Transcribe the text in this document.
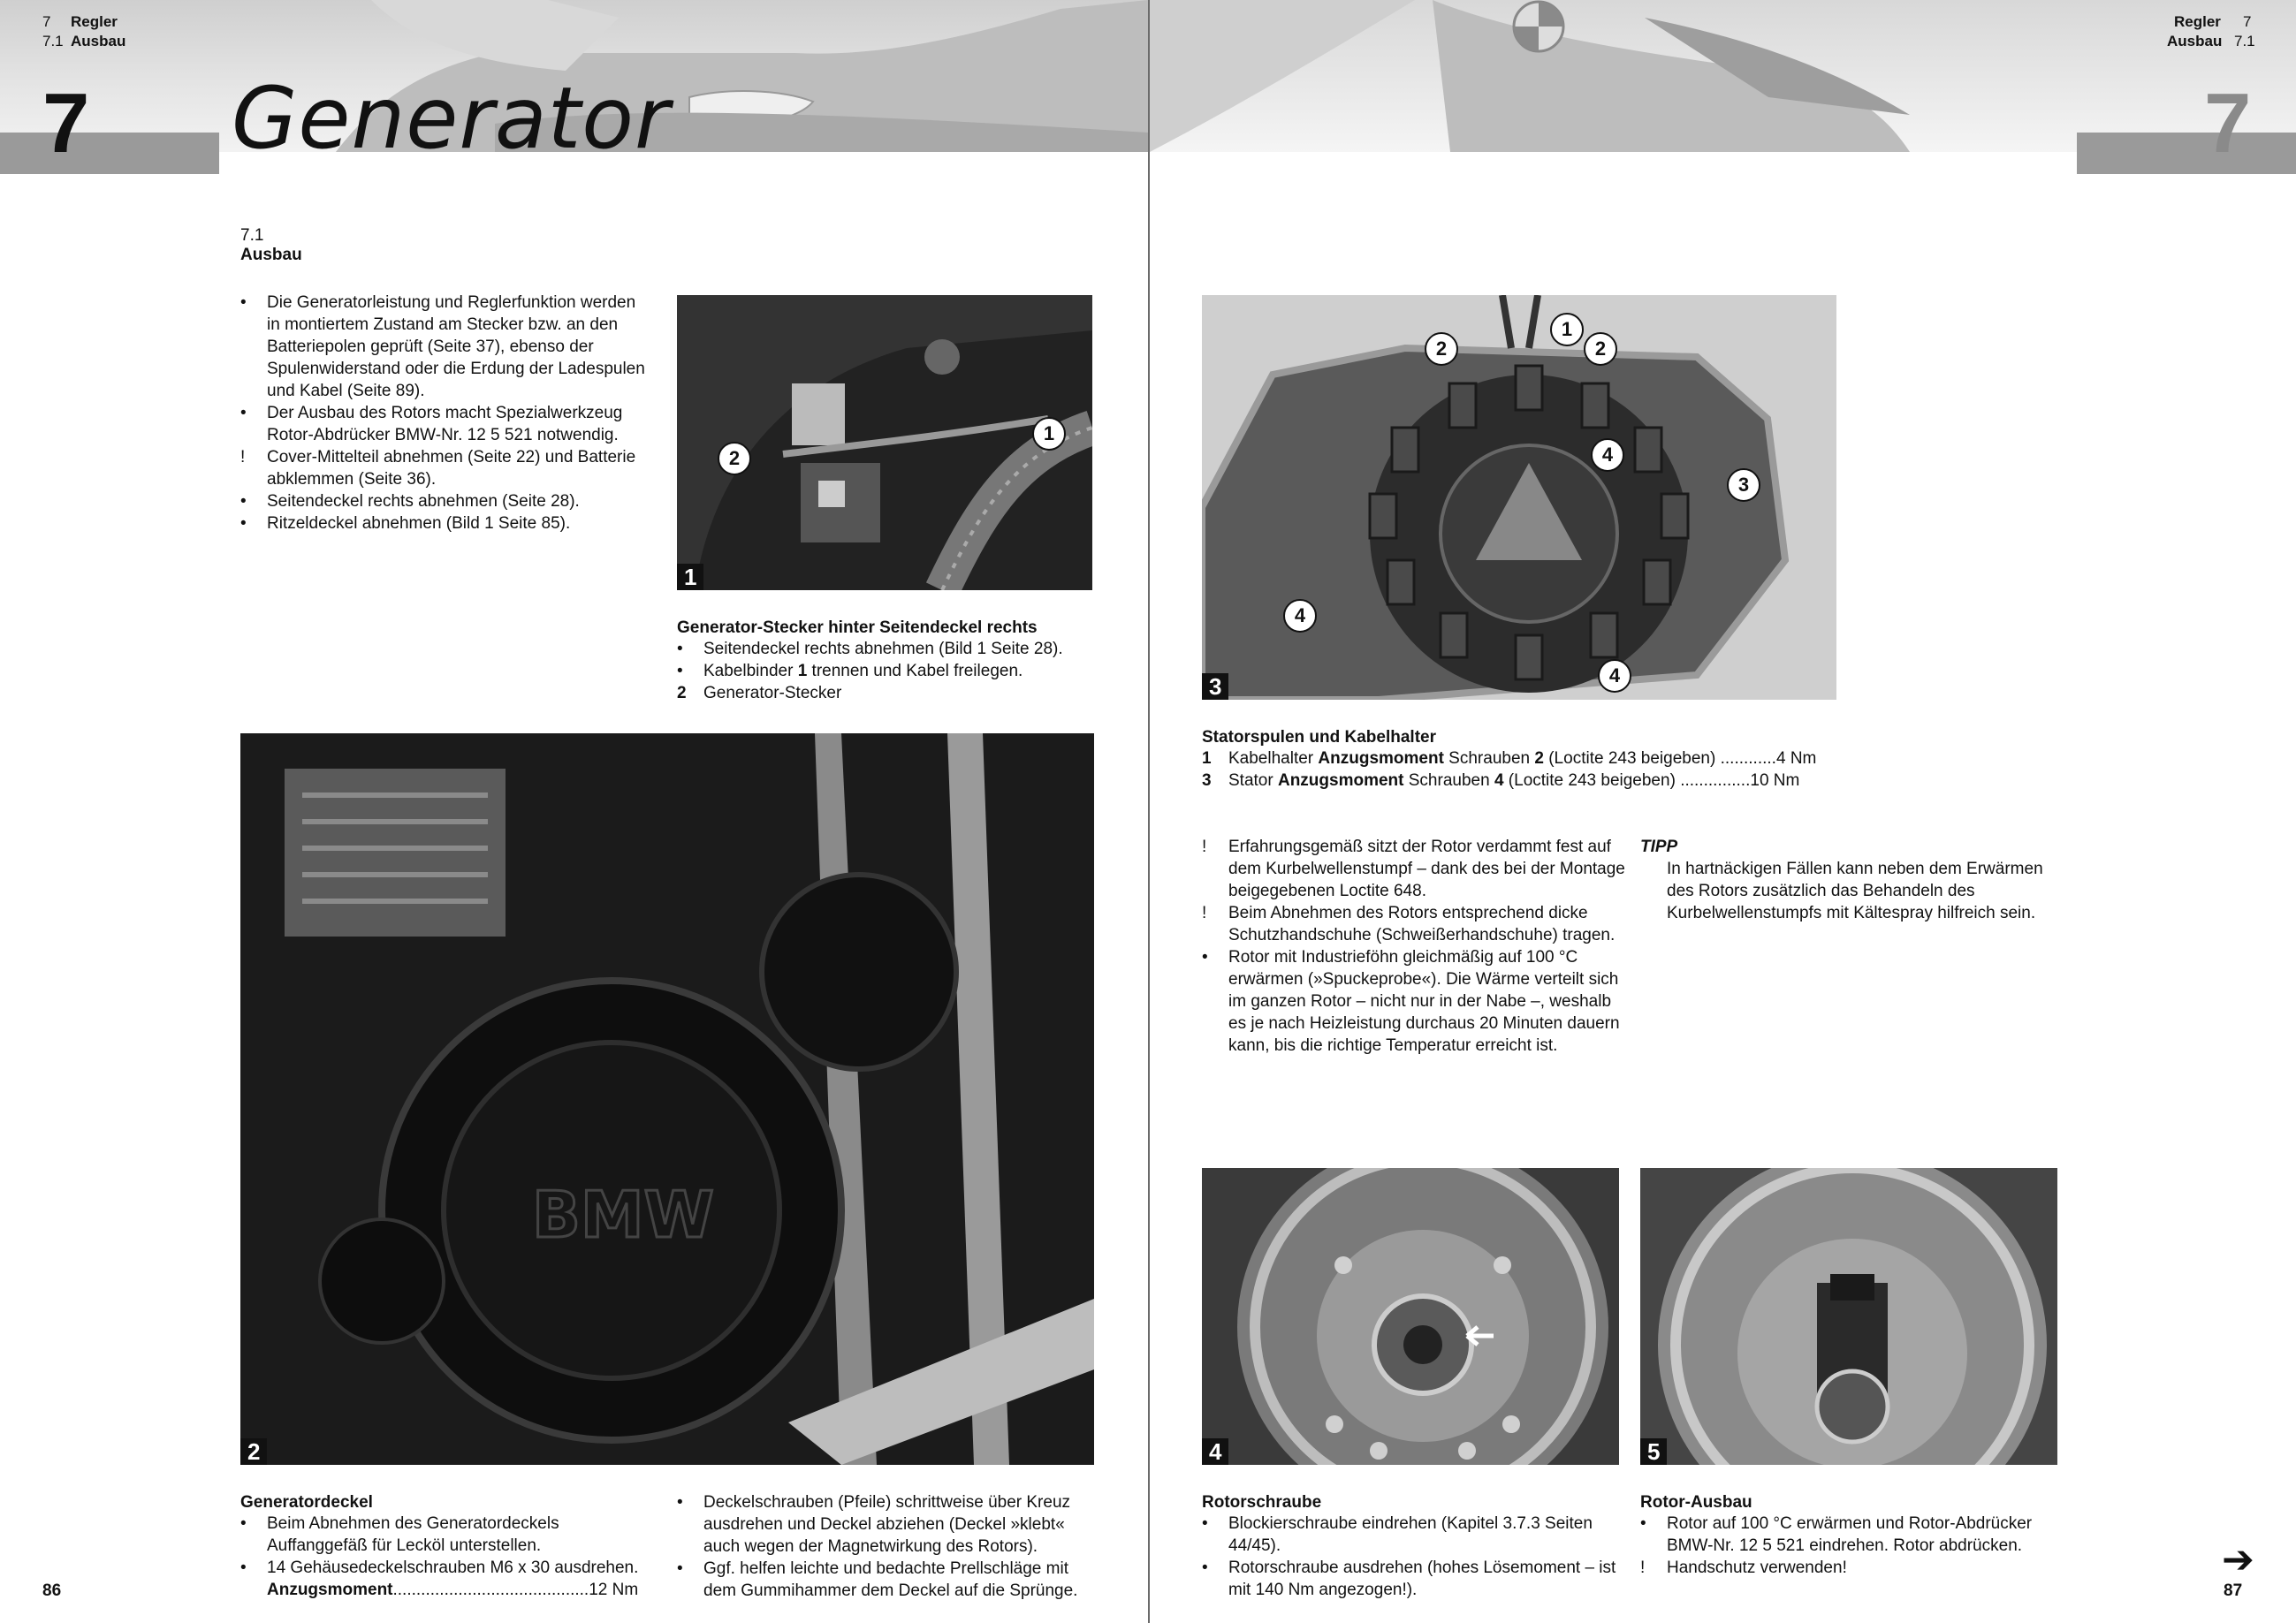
7 Regler
7.1 Ausbau
7 Generator
7.1
Ausbau
•	Die Generatorleistung und Reglerfunktion werden in montiertem Zustand am Stecker bzw. an den Batteriepolen geprüft (Seite 37), ebenso der Spulenwiderstand oder die Erdung der Ladespulen und Kabel (Seite 89).
•	Der Ausbau des Rotors macht Spezialwerkzeug Rotor-Abdrücker BMW-Nr. 12 5 521 notwendig.
!	Cover-Mittelteil abnehmen (Seite 22) und Batterie abklemmen (Seite 36).
•	Seitendeckel rechts abnehmen (Seite 28).
•	Ritzeldeckel abnehmen (Bild 1 Seite 85).
2
1
1
Generator-Stecker hinter Seitendeckel rechts
•	Seitendeckel rechts abnehmen (Bild 1 Seite 28).
•	Kabelbinder 1 trennen und Kabel freilegen.
2	Generator-Stecker
BMW
2
Generatordeckel
•	Beim Abnehmen des Generatordeckels Auffanggefäß für Lecköl unterstellen.
•	14 Gehäusedeckelschrauben M6 x 30 ausdrehen.
Anzugsmoment..........................................12 Nm
•	Deckelschrauben (Pfeile) schrittweise über Kreuz ausdrehen und Deckel abziehen (Deckel »klebt« auch wegen der Magnetwirkung des Rotors).
•	Ggf. helfen leichte und bedachte Prellschläge mit dem Gummihammer dem Deckel auf die Sprünge.
86
Regler 7
Ausbau 7.1
7
2
1
2
4
3
4
4
3
Statorspulen und Kabelhalter
1 Kabelhalter Anzugsmoment Schrauben 2 (Loctite 243 beigeben) ............4 Nm
3 Stator Anzugsmoment Schrauben 4 (Loctite 243 beigeben) ...............10 Nm
!	Erfahrungsgemäß sitzt der Rotor verdammt fest auf dem Kurbelwellenstumpf – dank des bei der Montage beigegebenen Loctite 648.
!	Beim Abnehmen des Rotors entsprechend dicke Schutzhandschuhe (Schweißerhandschuhe) tragen.
•	Rotor mit Industrieföhn gleichmäßig auf 100 °C erwärmen (»Spuckeprobe«). Die Wärme verteilt sich im ganzen Rotor – nicht nur in der Nabe –, weshalb es je nach Heizleistung durchaus 20 Minuten dauern kann, bis die richtige Temperatur erreicht ist.
TIPP
In hartnäckigen Fällen kann neben dem Erwärmen des Rotors zusätzlich das Behandeln des Kurbelwellenstumpfs mit Kältespray hilfreich sein.
4	5
Rotorschraube
•	Blockierschraube eindrehen (Kapitel 3.7.3 Seiten 44/45).
•	Rotorschraube ausdrehen (hohes Lösemoment – ist mit 140 Nm angezogen!).
Rotor-Ausbau
•	Rotor auf 100 °C erwärmen und Rotor-Abdrücker BMW-Nr. 12 5 521 eindrehen. Rotor abdrücken.
!	Handschutz verwenden!	➔
87
